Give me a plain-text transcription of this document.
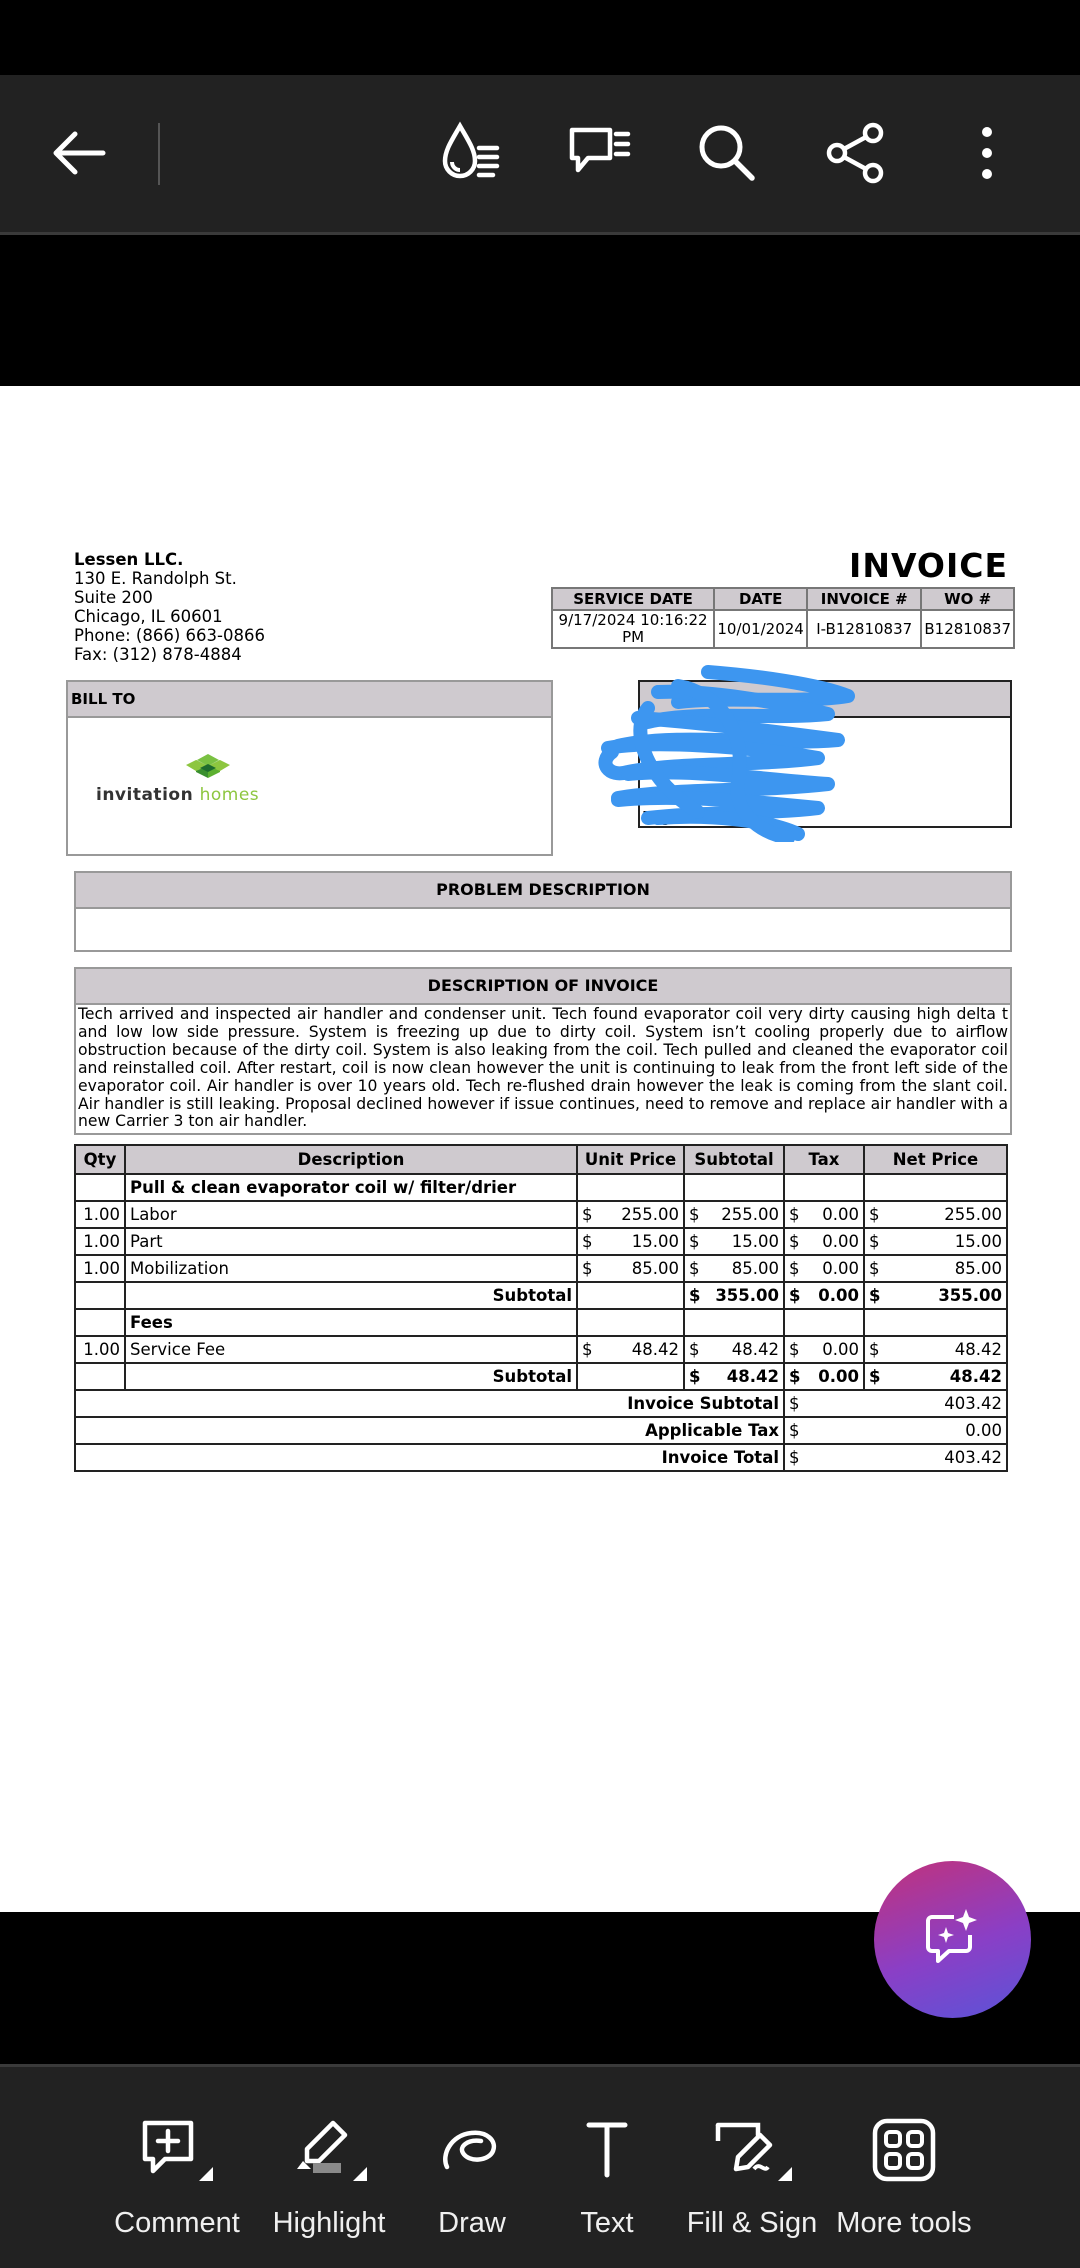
Lessen LLC.
130 E. Randolph St.
Suite 200
Chicago, IL 60601
Phone: (866) 663-0866
Fax: (312) 878-4884
INVOICE
SERVICE DATE	DATE	INVOICE #	WO #
9/17/2024 10:16:22 PM	10/01/2024	I-B12810837	B12810837
BILL TO
invitation homes
Region
PROBLEM DESCRIPTION
DESCRIPTION OF INVOICE
Tech arrived and inspected air handler and condenser unit. Tech found evaporator coil very dirty causing high delta t and low low side pressure. System is freezing up due to dirty coil. System isn’t cooling properly due to airflow obstruction because of the dirty coil. System is also leaking from the coil. Tech pulled and cleaned the evaporator coil and reinstalled coil. After restart, coil is now clean however the unit is continuing to leak from the front left side of the evaporator coil. Air handler is over 10 years old. Tech re-flushed drain however the leak is coming from the slant coil. Air handler is still leaking. Proposal declined however if issue continues, need to remove and replace air handler with a new Carrier 3 ton air handler.
Qty	Description	Unit Price	Subtotal	Tax	Net Price
	Pull & clean evaporator coil w/ filter/drier				
1.00	Labor	$ 255.00	$ 255.00	$ 0.00	$ 255.00

1.00	Part	$ 15.00	$ 15.00	$ 0.00	$ 15.00

1.00	Mobilization	$ 85.00	$ 85.00	$ 0.00	$ 85.00

	Subtotal		$ 355.00	$ 0.00	$ 355.00

	Fees				
1.00	Service Fee	$ 48.42	$ 48.42	$ 0.00	$ 48.42

	Subtotal		$ 48.42	$ 0.00	$ 48.42

Invoice Subtotal				$ 403.42	

Applicable Tax				$ 0.00	

Invoice Total				$ 403.42	
Comment Highlight Draw	Text Fill & Sign More tools
